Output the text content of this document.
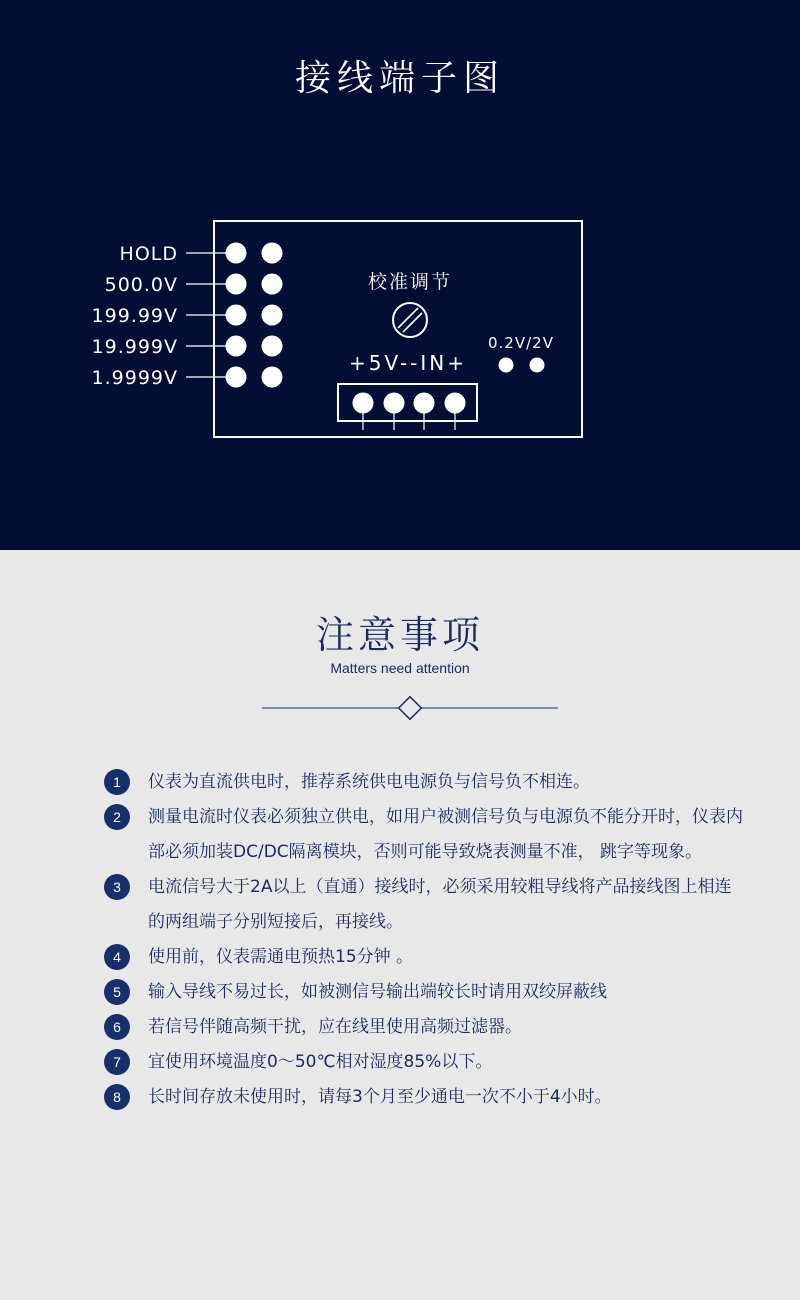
接线端子图
HOLD
500.0V
199.99V
19.999V
1.9999V
校准调节
+5V--IN+
0.2V/2V
注意事项
Matters need attention
1	仪表为直流供电时，推荐系统供电电源负与信号负不相连。
2	测量电流时仪表必须独立供电，如用户被测信号负与电源负不能分开时，仪表内部必须加装DC/DC隔离模块，否则可能导致烧表测量不准， 跳字等现象。
3	电流信号大于2A以上（直通）接线时，必须采用较粗导线将产品接线图上相连的两组端子分别短接后，再接线。
4	使用前，仪表需通电预热15分钟 。
5	输入导线不易过长，如被测信号输出端较长时请用双绞屏蔽线
6	若信号伴随高频干扰，应在线里使用高频过滤器。
7	宜使用环境温度0～50℃相对湿度85%以下。
8	长时间存放未使用时，请每3个月至少通电一次不小于4小时。
